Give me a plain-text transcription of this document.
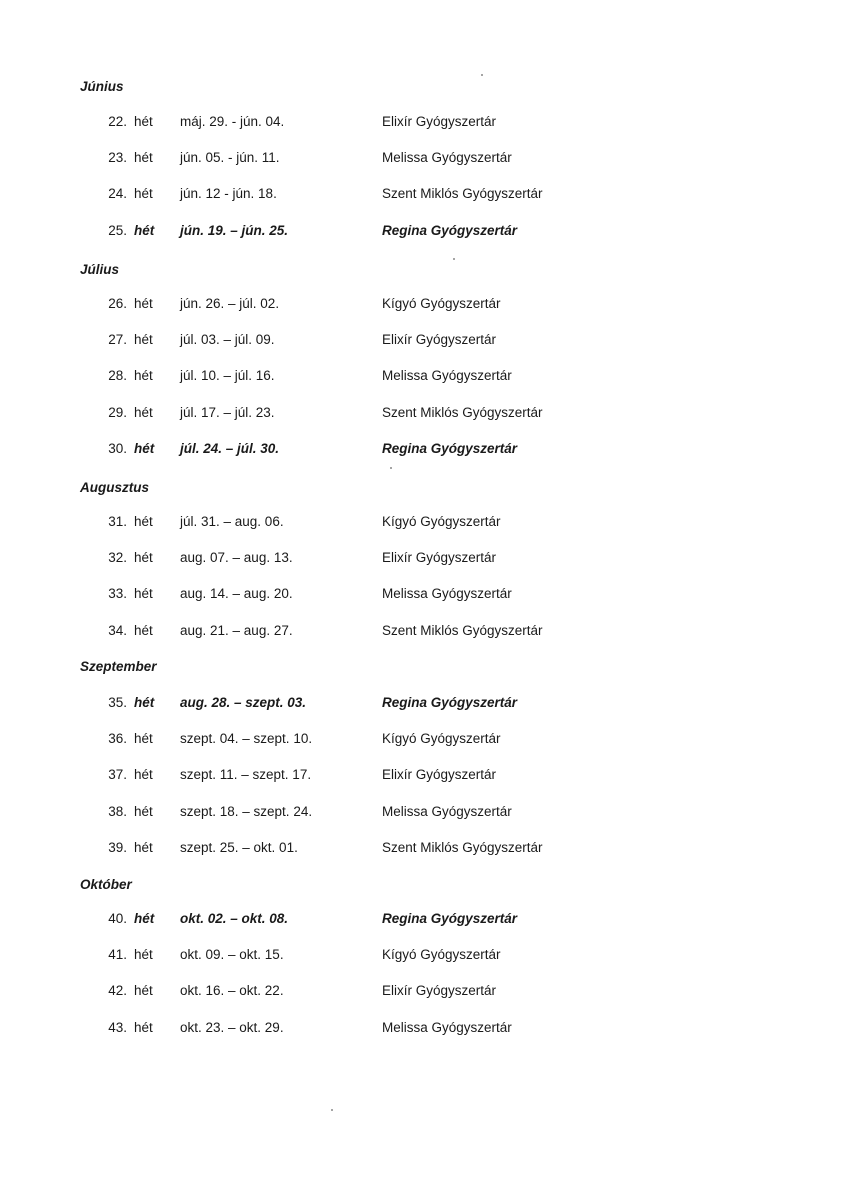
Június
22. hét máj. 29. - jún. 04.	Elixír Gyógyszertár
23. hét jún. 05. - jún. 11.	Melissa Gyógyszertár
24. hét jún. 12 - jún. 18.	Szent Miklós Gyógyszertár
25. hét jún. 19. – jún. 25.	Regina Gyógyszertár
Július
26. hét jún. 26. – júl. 02.	Kígyó Gyógyszertár
27. hét júl. 03. – júl. 09.	Elixír Gyógyszertár
28. hét júl. 10. – júl. 16.	Melissa Gyógyszertár
29. hét júl. 17. – júl. 23.	Szent Miklós Gyógyszertár
30. hét júl. 24. – júl. 30.	Regina Gyógyszertár
Augusztus
31. hét júl. 31. – aug. 06.	Kígyó Gyógyszertár
32. hét aug. 07. – aug. 13.	Elixír Gyógyszertár
33. hét aug. 14. – aug. 20.	Melissa Gyógyszertár
34. hét aug. 21. – aug. 27.	Szent Miklós Gyógyszertár
Szeptember
35. hét aug. 28. – szept. 03.	Regina Gyógyszertár
36. hét szept. 04. – szept. 10.	Kígyó Gyógyszertár
37. hét szept. 11. – szept. 17.	Elixír Gyógyszertár
38. hét szept. 18. – szept. 24.	Melissa Gyógyszertár
39. hét szept. 25. – okt. 01.	Szent Miklós Gyógyszertár
Október
40. hét okt. 02. – okt. 08.	Regina Gyógyszertár
41. hét okt. 09. – okt. 15.	Kígyó Gyógyszertár
42. hét okt. 16. – okt. 22.	Elixír Gyógyszertár
43. hét okt. 23. – okt. 29.	Melissa Gyógyszertár
